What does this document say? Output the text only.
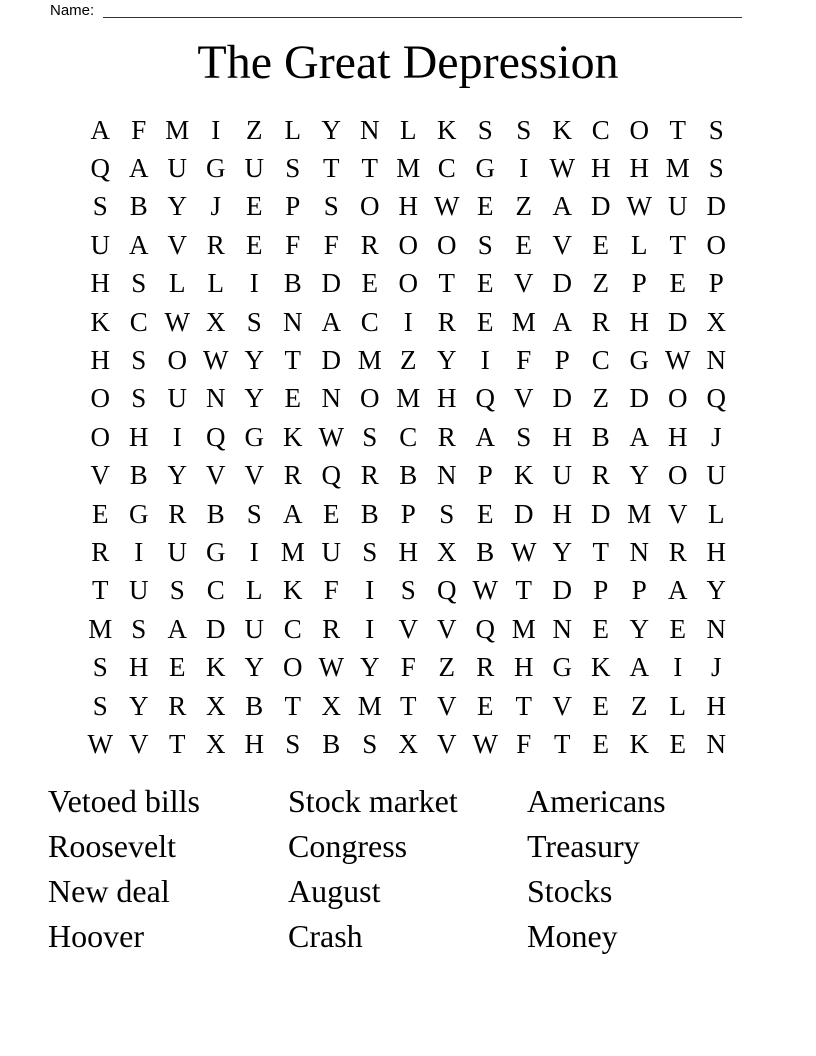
Name:
The Great Depression
A F M I Z L Y N L K S S K C O T S
Q A U G U S T T M C G I W H H M S
S B Y J E P S O H W E Z A D W U D
U A V R E F F R O O S E V E L T O
H S L L I B D E O T E V D Z P E P
K C W X S N A C I R E M A R H D X
H S O W Y T D M Z Y I F P C G W N
O S U N Y E N O M H Q V D Z D O Q
O H I Q G K W S C R A S H B A H J
V B Y V V R Q R B N P K U R Y O U
E G R B S A E B P S E D H D M V L
R I U G I M U S H X B W Y T N R H
T U S C L K F I S Q W T D P P A Y
M S A D U C R I V V Q M N E Y E N
S H E K Y O W Y F Z R H G K A I	J
S Y R X B T X M T V E T V E Z L H
W V T X H S B S X V W F T E K E N
Vetoed bills
Roosevelt
New deal
Hoover
Stock market
Congress
August
Crash
Americans
Treasury
Stocks
Money
